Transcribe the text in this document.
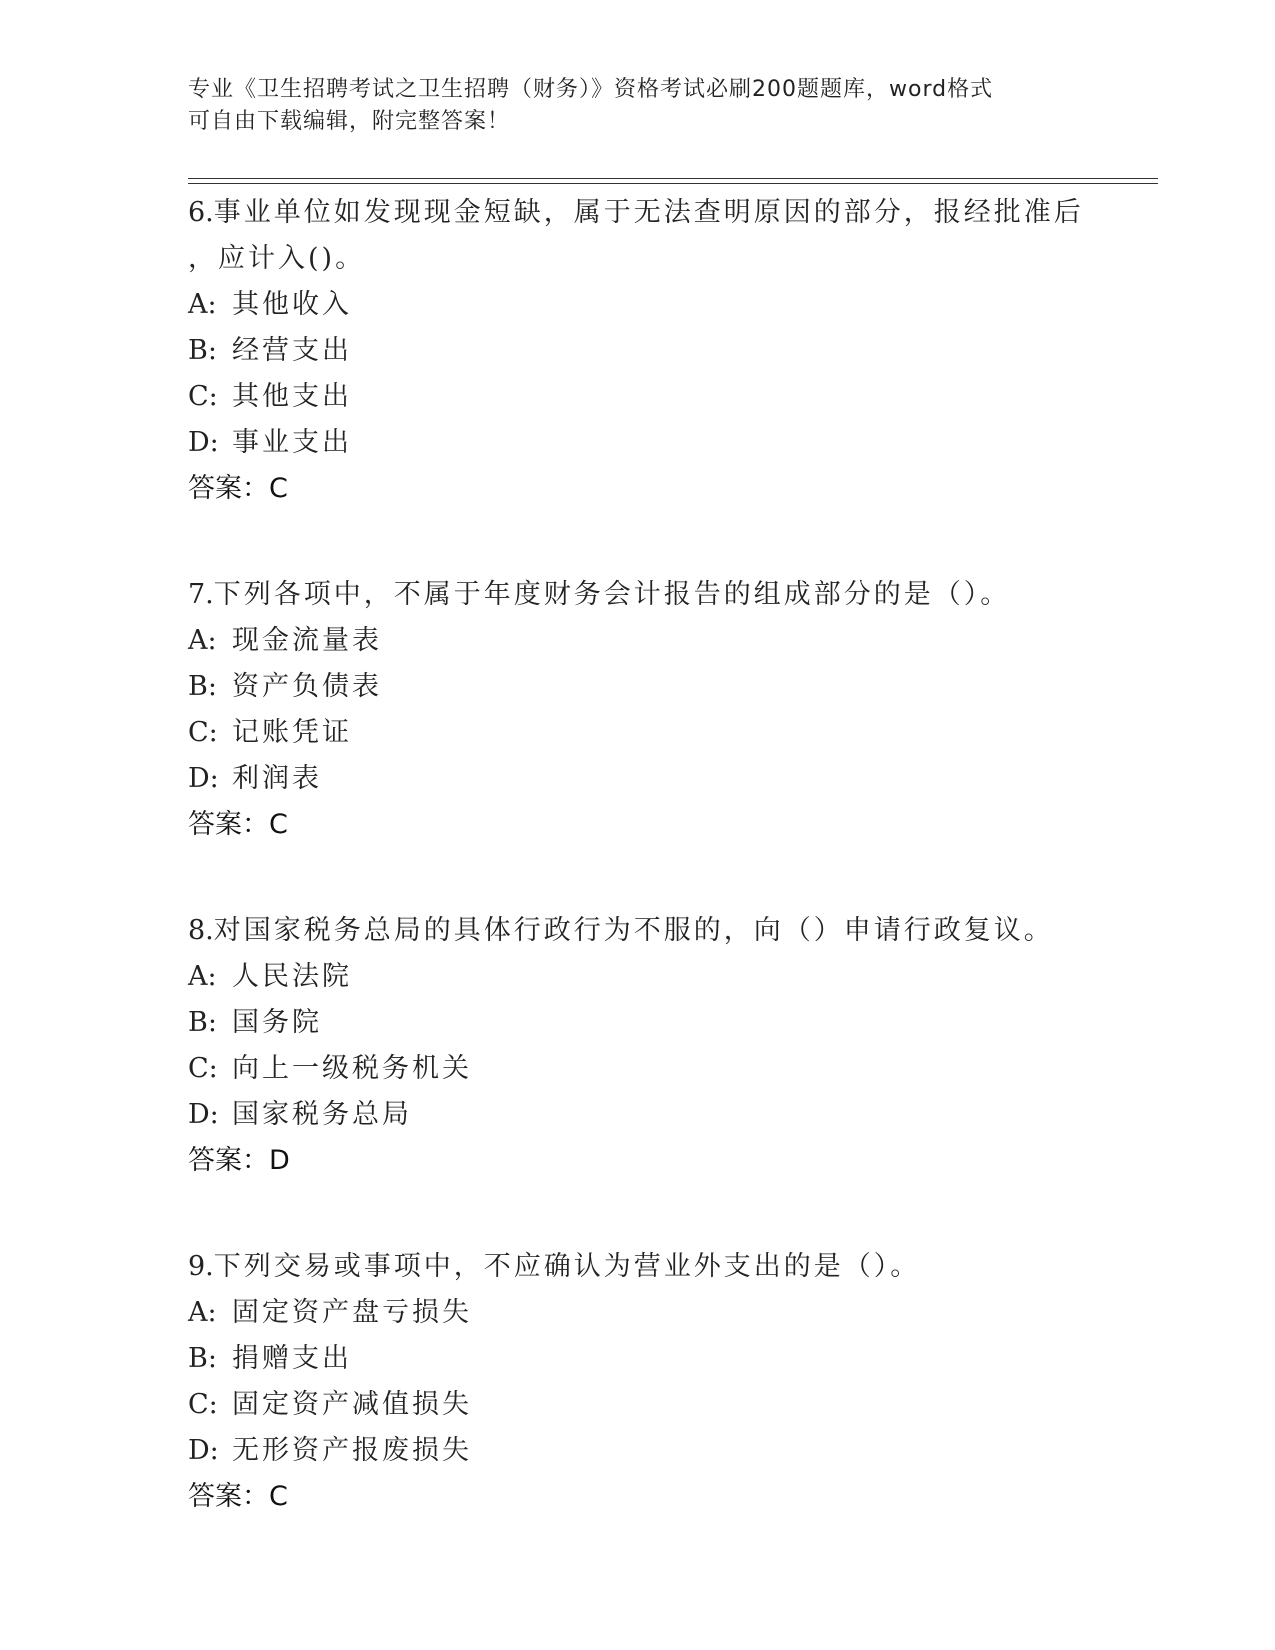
专业《卫生招聘考试之卫生招聘（财务）》资格考试必刷200题题库，word格式
可自由下载编辑，附完整答案！
6.事业单位如发现现金短缺，属于无法查明原因的部分，报经批准后
，应计入()。
A: 其他收入
B: 经营支出
C: 其他支出
D: 事业支出
答案：C
7.下列各项中，不属于年度财务会计报告的组成部分的是（）。
A: 现金流量表
B: 资产负债表
C: 记账凭证
D: 利润表
答案：C
8.对国家税务总局的具体行政行为不服的，向（）申请行政复议。
A: 人民法院
B: 国务院
C: 向上一级税务机关
D: 国家税务总局
答案：D
9.下列交易或事项中，不应确认为营业外支出的是（）。
A: 固定资产盘亏损失
B: 捐赠支出
C: 固定资产减值损失
D: 无形资产报废损失
答案：C
